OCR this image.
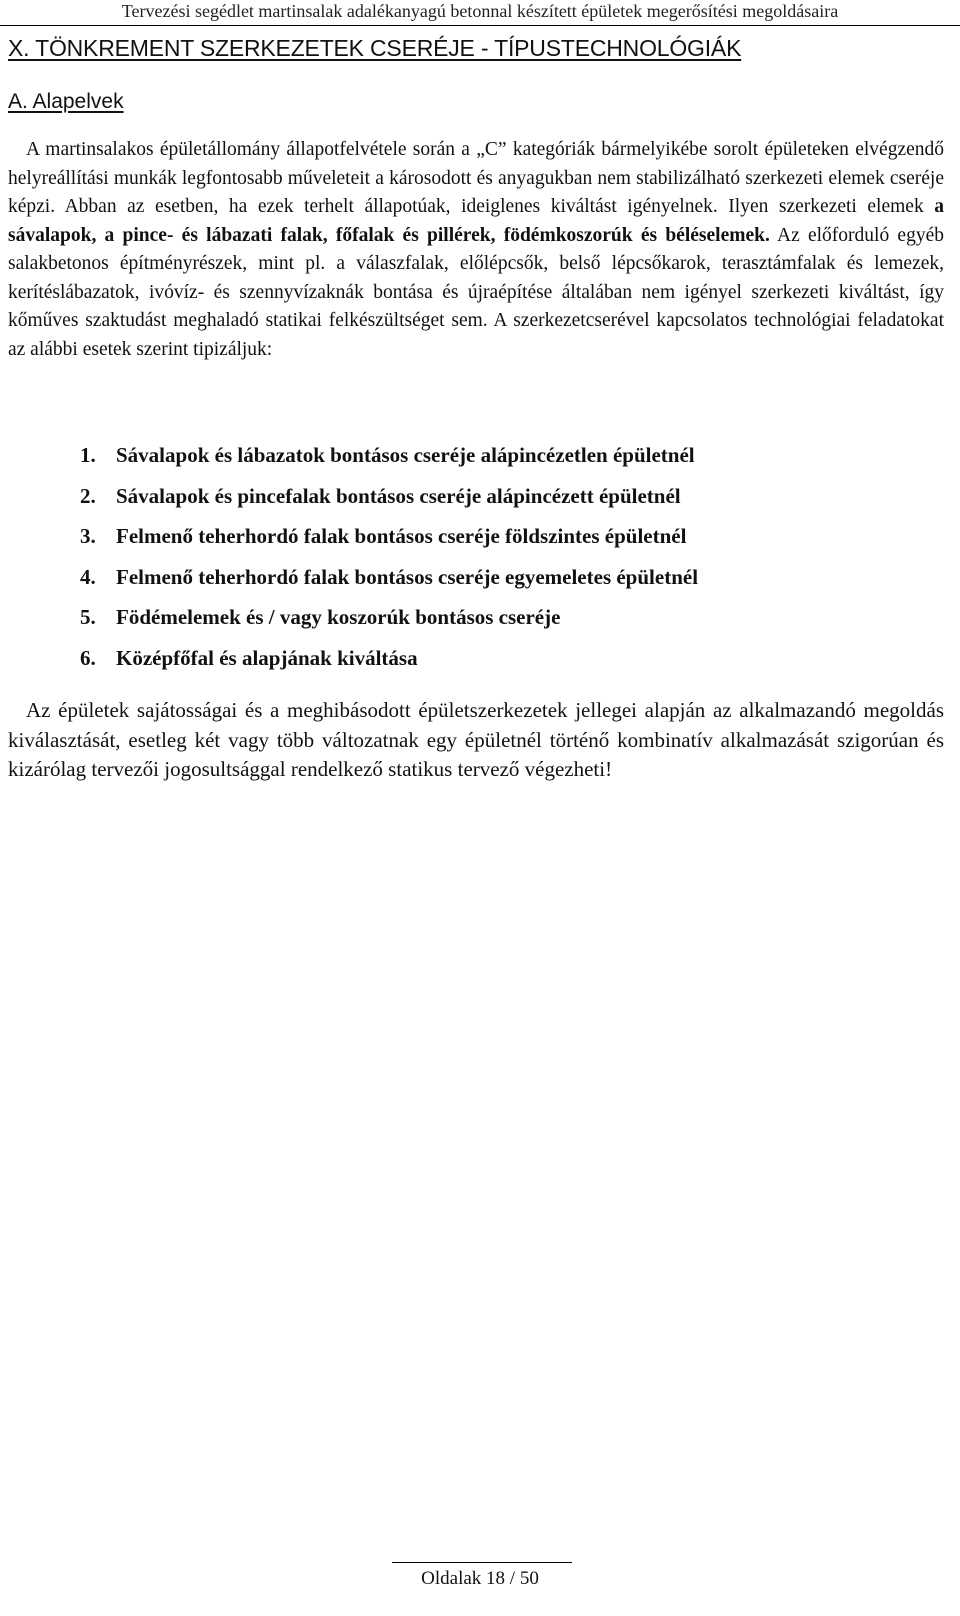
Tervezési segédlet martinsalak adalékanyagú betonnal készített épületek megerősítési megoldásaira
X. TÖNKREMENT SZERKEZETEK CSERÉJE - TÍPUSTECHNOLÓGIÁK
A. Alapelvek

A martinsalakos épületállomány állapotfelvétele során a „C” kategóriák bármelyikébe sorolt épületeken elvégzendő helyreállítási munkák legfontosabb műveleteit a károsodott és anyagukban nem stabilizálható szerkezeti elemek cseréje képzi. Abban az esetben, ha ezek terhelt állapotúak, ideiglenes kiváltást igényelnek. Ilyen szerkezeti elemek a sávalapok, a pince- és lábazati falak, főfalak és pillérek, födémkoszorúk és béléselemek. Az előforduló egyéb salakbetonos építményrészek, mint pl. a válaszfalak, előlépcsők, belső lépcsőkarok, terasztámfalak és lemezek, kerítéslábazatok, ivóvíz- és szennyvízaknák bontása és újraépítése általában nem igényel szerkezeti kiváltást, így kőműves szaktudást meghaladó statikai felkészültséget sem. A szerkezetcserével kapcsolatos technológiai feladatokat az alábbi esetek szerint tipizáljuk:

1. Sávalapok és lábazatok bontásos cseréje alápincézetlen épületnél
2. Sávalapok és pincefalak bontásos cseréje alápincézett épületnél
3. Felmenő teherhordó falak bontásos cseréje földszintes épületnél
4. Felmenő teherhordó falak bontásos cseréje egyemeletes épületnél
5. Födémelemek és / vagy koszorúk bontásos cseréje
6. Középfőfal és alapjának kiváltása

Az épületek sajátosságai és a meghibásodott épületszerkezetek jellegei alapján az alkalmazandó megoldás kiválasztását, esetleg két vagy több változatnak egy épületnél történő kombinatív alkalmazását szigorúan és kizárólag tervezői jogosultsággal rendelkező statikus tervező végezheti!

Oldalak 18 / 50
